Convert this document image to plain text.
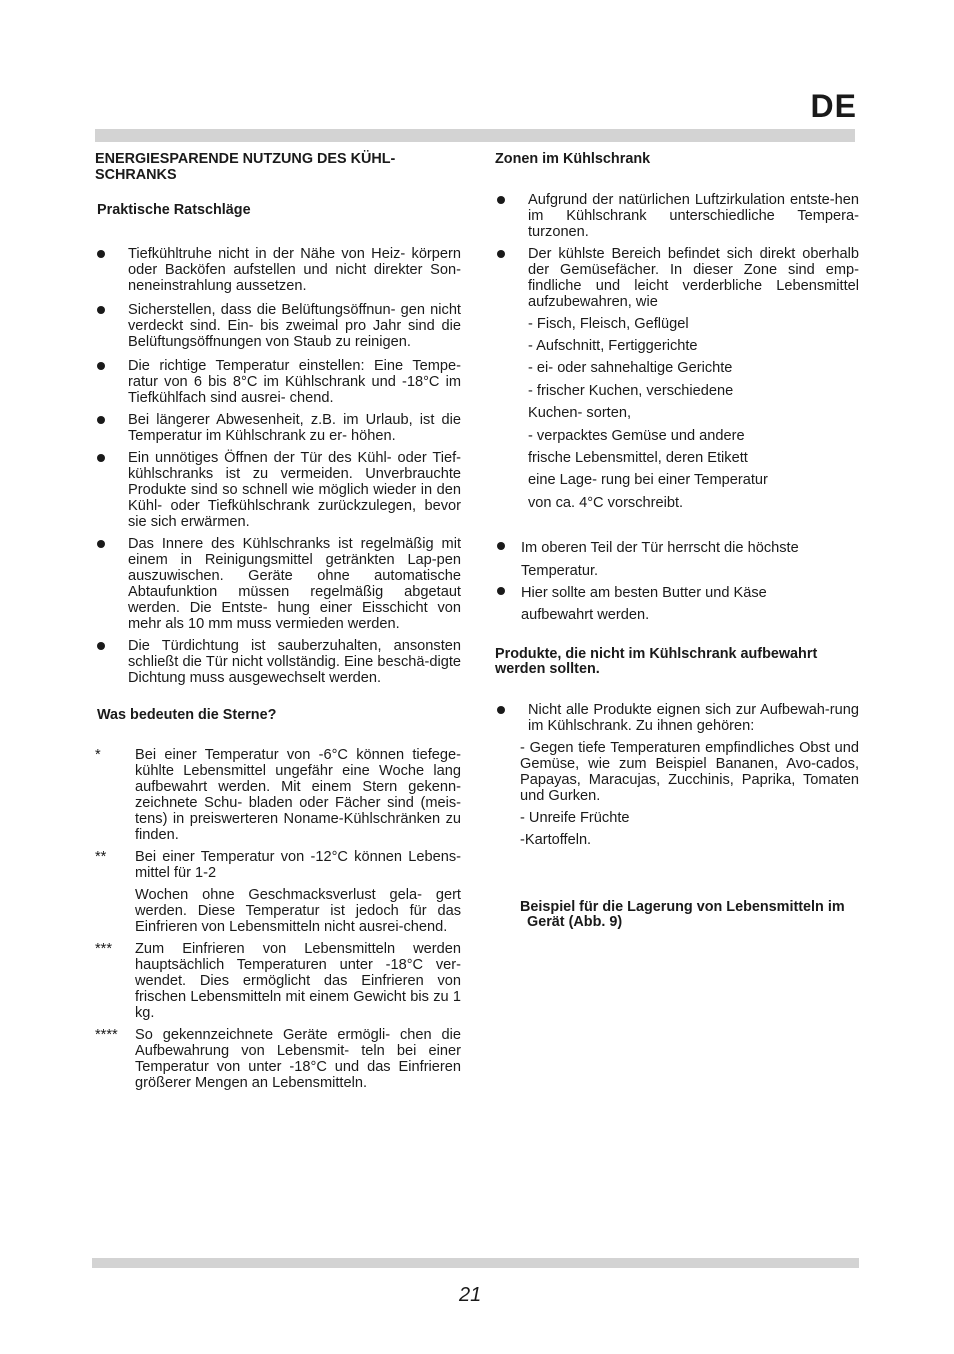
DE
ENERGIESPARENDE NUTZUNG DES KÜHL-
SCHRANKS
Praktische Ratschläge
Tiefkühltruhe nicht in der Nähe von Heiz- körpern oder Backöfen aufstellen und nicht direkter Son-neneinstrahlung aussetzen.
Sicherstellen, dass die Belüftungsöffnun- gen nicht verdeckt sind. Ein- bis zweimal pro Jahr sind die Belüftungsöffnungen von Staub zu reinigen.
Die richtige Temperatur einstellen: Eine Tempe-ratur von 6 bis 8°C im Kühlschrank und -18°C im Tiefkühlfach sind ausrei- chend.
Bei längerer Abwesenheit, z.B. im Urlaub, ist die Temperatur im Kühlschrank zu er- höhen.
Ein unnötiges Öffnen der Tür des Kühl- oder Tief-kühlschranks ist zu vermeiden. Unverbrauchte Produkte sind so schnell wie möglich wieder in den Kühl- oder Tiefkühlschrank zurückzulegen, bevor sie sich erwärmen.
Das Innere des Kühlschranks ist regelmäßig mit einem in Reinigungsmittel getränkten Lap-pen auszuwischen. Geräte ohne automatische Abtaufunktion müssen regelmäßig abgetaut werden. Die Entste- hung einer Eisschicht von mehr als 10 mm muss vermieden werden.
Die Türdichtung ist sauberzuhalten, ansonsten schließt die Tür nicht vollständig. Eine beschä-digte Dichtung muss ausgewechselt werden.
Was bedeuten die Sterne?
*	Bei einer Temperatur von -6°C können tiefege-kühlte Lebensmittel ungefähr eine Woche lang aufbewahrt werden. Mit einem Stern gekenn-zeichnete Schu- bladen oder Fächer sind (meis-tens) in preiswerteren Noname-Kühlschränken zu finden.
**	Bei einer Temperatur von -12°C können Lebens-mittel für 1-2
Wochen ohne Geschmacksverlust gela- gert werden. Diese Temperatur ist jedoch für das Einfrieren von Lebensmitteln nicht ausrei-chend.
***	Zum Einfrieren von Lebensmitteln werden hauptsächlich Temperaturen unter -18°C ver-wendet. Dies ermöglicht das Einfrieren von frischen Lebensmitteln mit einem Gewicht bis zu 1 kg.
****	So gekennzeichnete Geräte ermögli- chen die Aufbewahrung von Lebensmit- teln bei einer Temperatur von unter -18°C und das Einfrieren größerer Mengen an Lebensmitteln.
Zonen im Kühlschrank
Aufgrund der natürlichen Luftzirkulation entste-hen im Kühlschrank unterschiedliche Tempera-turzonen.
Der kühlste Bereich befindet sich direkt oberhalb der Gemüsefächer. In dieser Zone sind emp-findliche und leicht verderbliche Lebensmittel aufzubewahren, wie
- Fisch, Fleisch, Geflügel
- Aufschnitt, Fertiggerichte
- ei- oder sahnehaltige Gerichte
- frischer Kuchen, verschiedene
Kuchen- sorten,
- verpacktes Gemüse und andere
frische Lebensmittel, deren Etikett
eine Lage- rung bei einer Temperatur
von ca. 4°C vorschreibt.
Im oberen Teil der Tür herrscht die höchste
Temperatur.
Hier sollte am besten Butter und Käse
aufbewahrt werden.
Produkte, die nicht im Kühlschrank aufbewahrt werden sollten.
Nicht alle Produkte eignen sich zur Aufbewah-rung im Kühlschrank. Zu ihnen gehören:
- Gegen tiefe Temperaturen empfindliches Obst und Gemüse, wie zum Beispiel Bananen, Avo-cados, Papayas, Maracujas, Zucchinis, Paprika, Tomaten und Gurken.
- Unreife Früchte
-Kartoffeln.
Beispiel für die Lagerung von Lebensmitteln im Gerät (Abb. 9)
21
